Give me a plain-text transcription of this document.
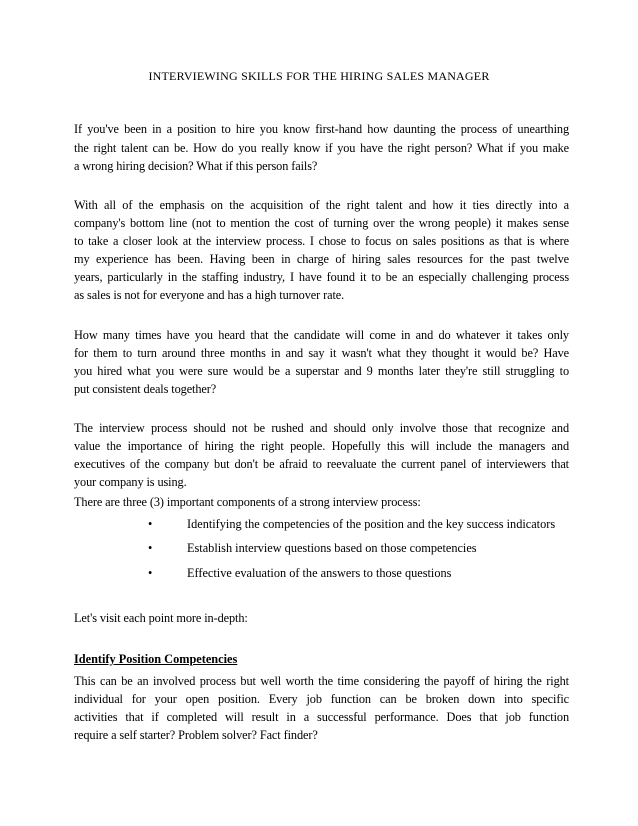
INTERVIEWING SKILLS FOR THE HIRING SALES MANAGER
If you've been in a position to hire you know first-hand how daunting the process of unearthing
the right talent can be. How do you really know if you have the right person? What if you make
a wrong hiring decision? What if this person fails?
With all of the emphasis on the acquisition of the right talent and how it ties directly into a
company's bottom line (not to mention the cost of turning over the wrong people) it makes sense
to take a closer look at the interview process. I chose to focus on sales positions as that is where
my experience has been. Having been in charge of hiring sales resources for the past twelve
years, particularly in the staffing industry, I have found it to be an especially challenging process
as sales is not for everyone and has a high turnover rate.
How many times have you heard that the candidate will come in and do whatever it takes only
for them to turn around three months in and say it wasn't what they thought it would be? Have
you hired what you were sure would be a superstar and 9 months later they're still struggling to
put consistent deals together?
The interview process should not be rushed and should only involve those that recognize and
value the importance of hiring the right people. Hopefully this will include the managers and
executives of the company but don't be afraid to reevaluate the current panel of interviewers that
your company is using.
There are three (3) important components of a strong interview process:
•	Identifying the competencies of the position and the key success indicators
•	Establish interview questions based on those competencies
•	Effective evaluation of the answers to those questions
Let's visit each point more in-depth:
Identify Position Competencies
This can be an involved process but well worth the time considering the payoff of hiring the right
individual for your open position. Every job function can be broken down into specific
activities that if completed will result in a successful performance. Does that job function
require a self starter? Problem solver? Fact finder?
